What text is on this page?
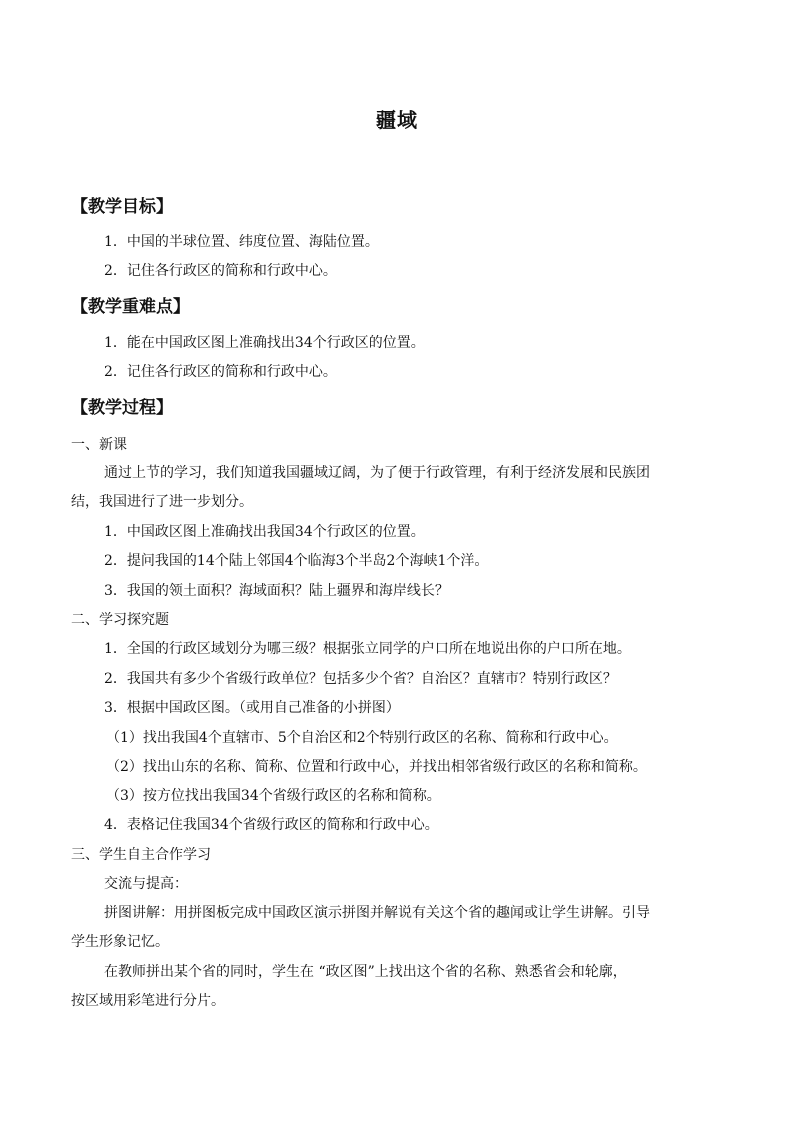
疆域
【教学目标】
1．中国的半球位置、纬度位置、海陆位置。
2．记住各行政区的简称和行政中心。
【教学重难点】
1．能在中国政区图上准确找出34个行政区的位置。
2．记住各行政区的简称和行政中心。
【教学过程】
一、新课
通过上节的学习，我们知道我国疆域辽阔，为了便于行政管理，有利于经济发展和民族团
结，我国进行了进一步划分。
1．中国政区图上准确找出我国34个行政区的位置。
2．提问我国的14个陆上邻国4个临海3个半岛2个海峡1个洋。
3．我国的领土面积？海域面积？陆上疆界和海岸线长？
二、学习探究题
1．全国的行政区域划分为哪三级？根据张立同学的户口所在地说出你的户口所在地。
2．我国共有多少个省级行政单位？包括多少个省？自治区？直辖市？特别行政区？
3．根据中国政区图。（或用自己准备的小拼图）
（1）找出我国4个直辖市、5个自治区和2个特别行政区的名称、简称和行政中心。
（2）找出山东的名称、简称、位置和行政中心，并找出相邻省级行政区的名称和简称。
（3）按方位找出我国34个省级行政区的名称和简称。
4．表格记住我国34个省级行政区的简称和行政中心。
三、学生自主合作学习
交流与提高：
拼图讲解：用拼图板完成中国政区演示拼图并解说有关这个省的趣闻或让学生讲解。引导
学生形象记忆。
在教师拼出某个省的同时，学生在 “政区图”上找出这个省的名称、熟悉省会和轮廓，
按区域用彩笔进行分片。
